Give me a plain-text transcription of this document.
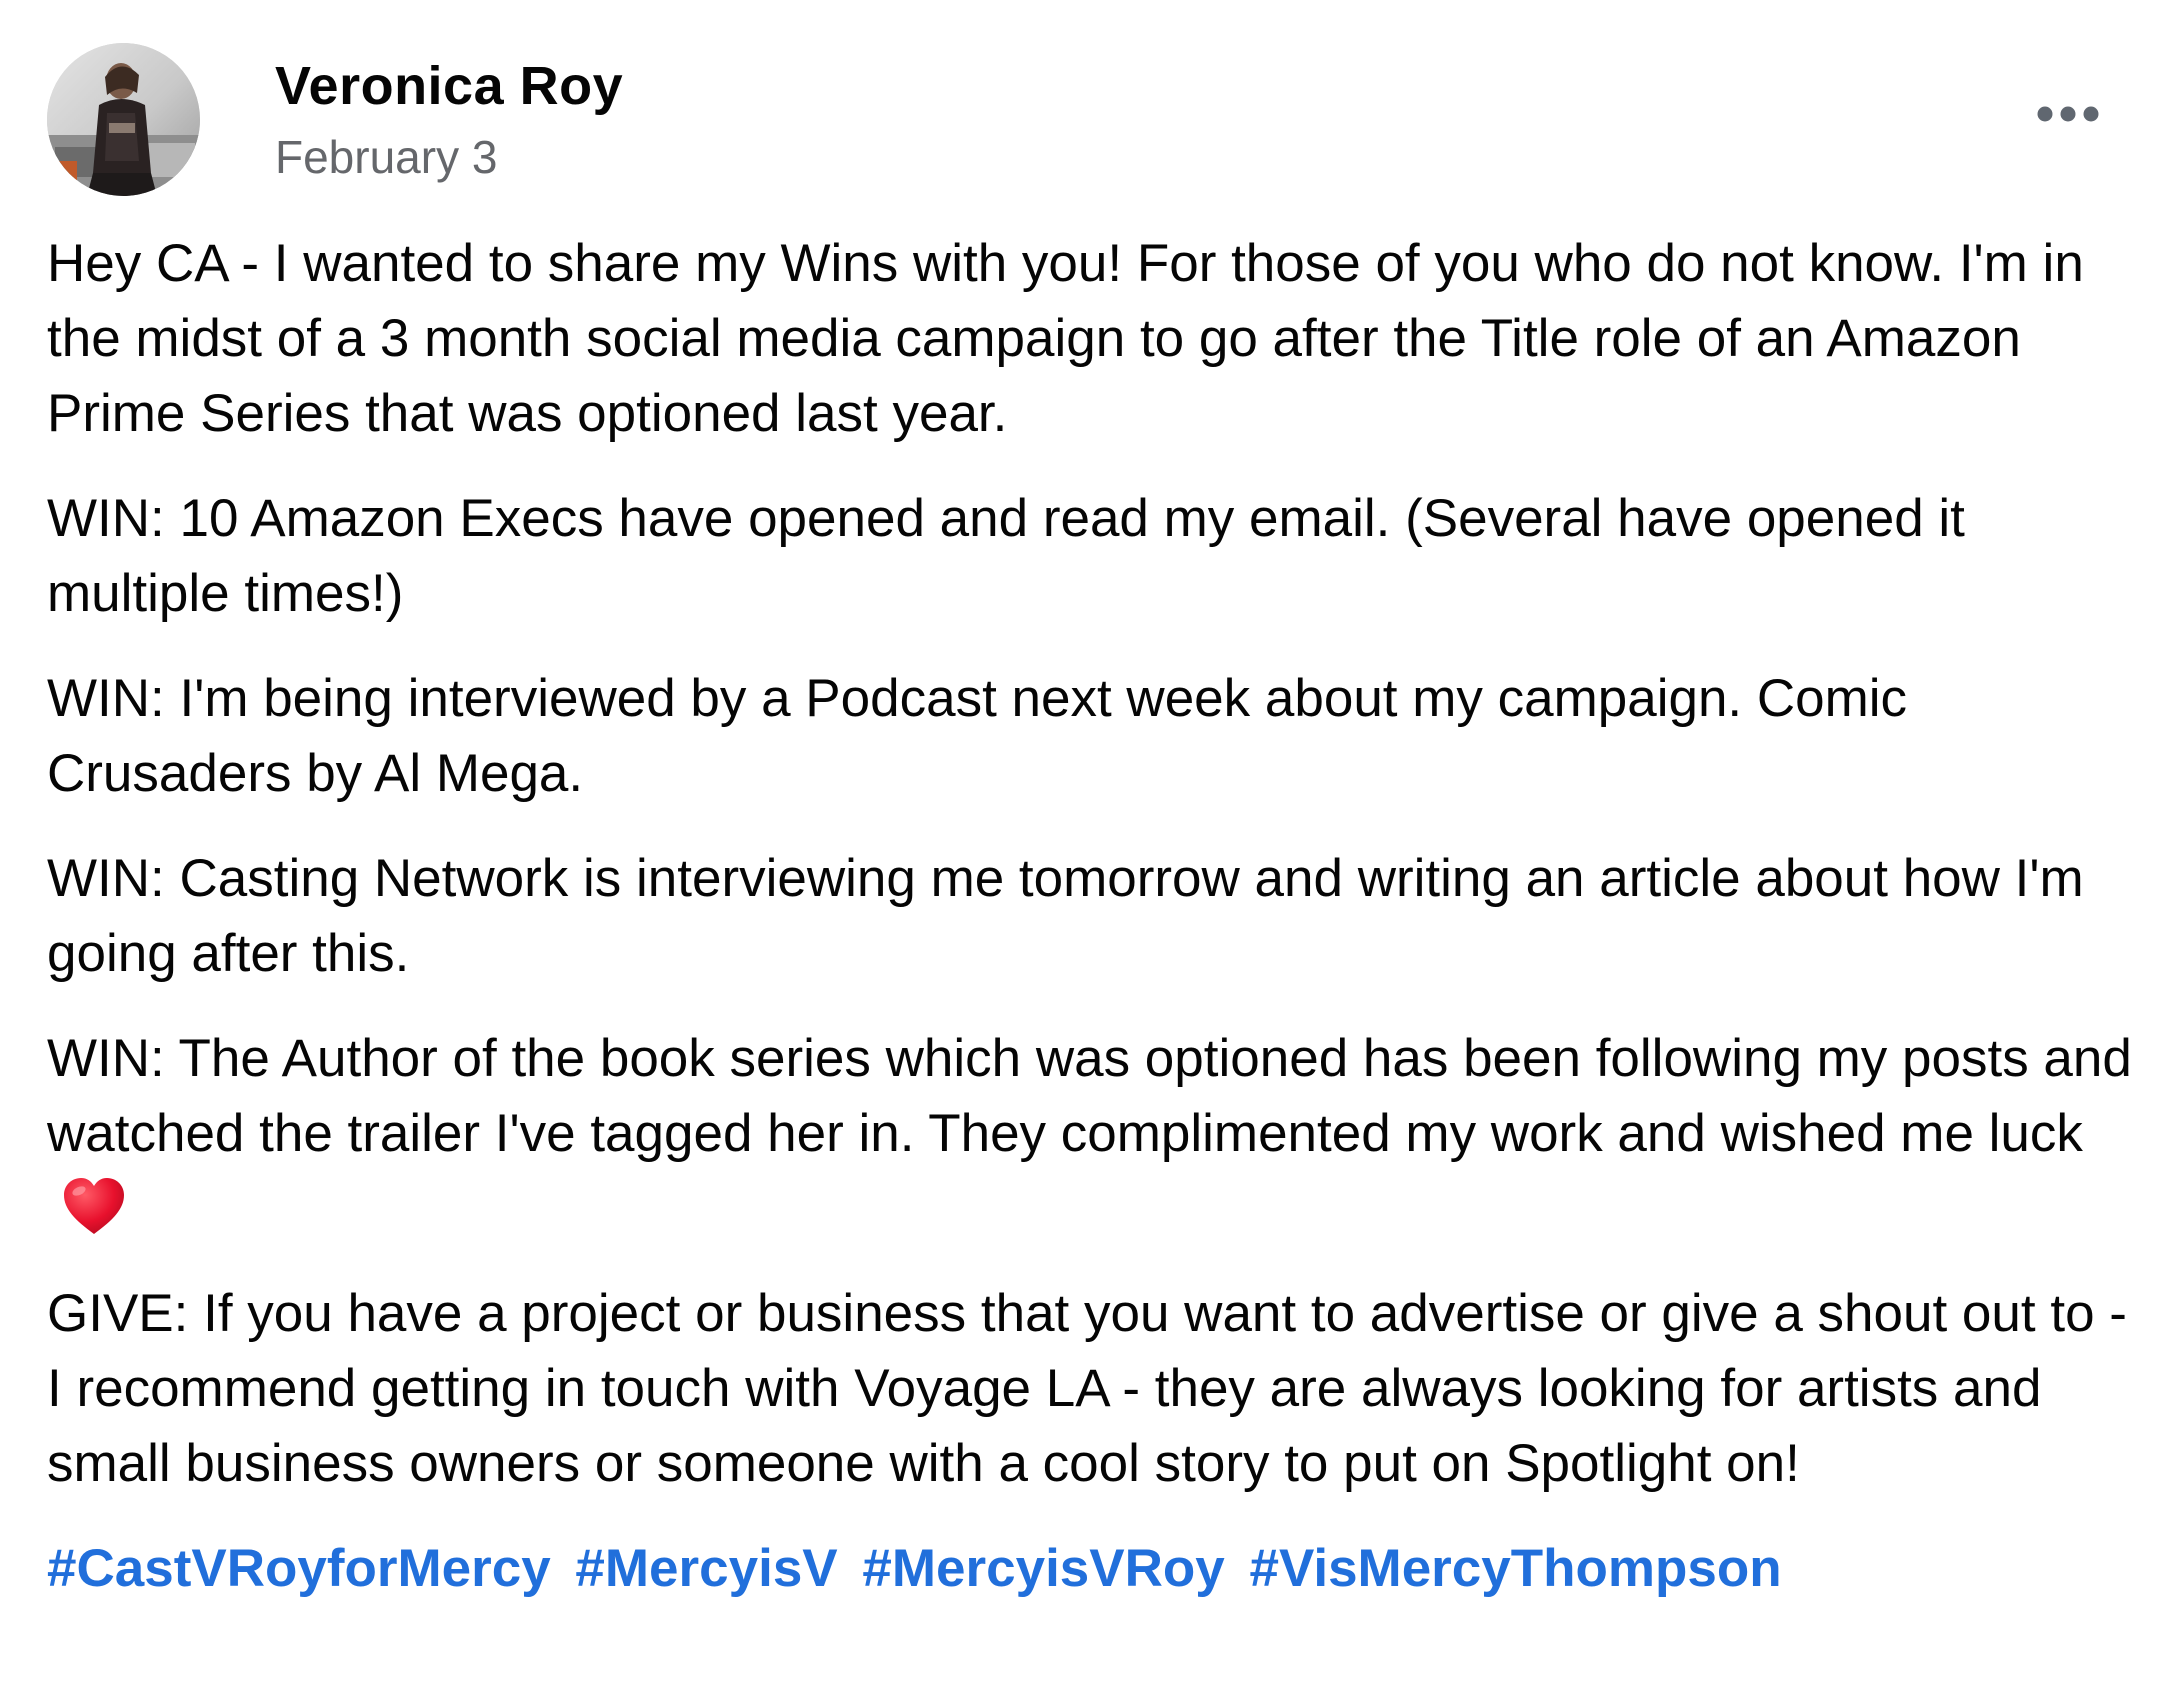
Veronica Roy
February 3

Hey CA - I wanted to share my Wins with you! For those of you who do not know. I'm in the midst of a 3 month social media campaign to go after the Title role of an Amazon Prime Series that was optioned last year.

WIN: 10 Amazon Execs have opened and read my email. (Several have opened it multiple times!)

WIN: I'm being interviewed by a Podcast next week about my campaign. Comic Crusaders by Al Mega.

WIN: Casting Network is interviewing me tomorrow and writing an article about how I'm going after this.

WIN: The Author of the book series which was optioned has been following my posts and watched the trailer I've tagged her in. They complimented my work and wished me luck

GIVE: If you have a project or business that you want to advertise or give a shout out to - I recommend getting in touch with Voyage LA - they are always looking for artists and small business owners or someone with a cool story to put on Spotlight on!

#CastVRoyforMercy #MercyisV #MercyisVRoy #VisMercyThompson
